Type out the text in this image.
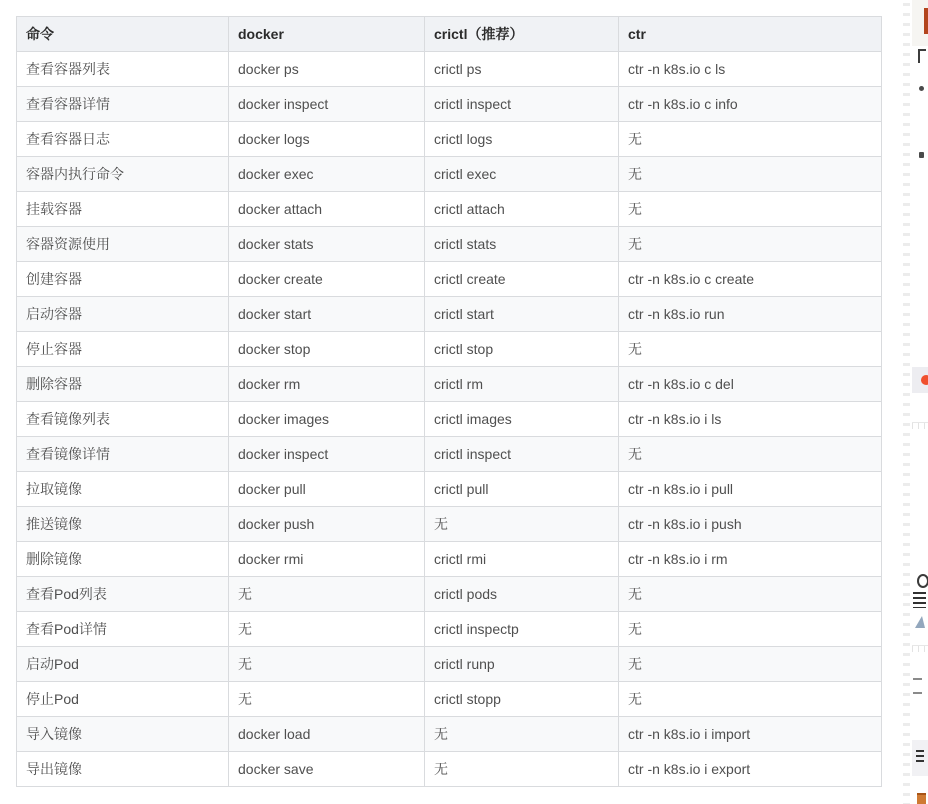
命令	docker	crictl（推荐）	ctr
查看容器列表	docker ps	crictl ps	ctr -n k8s.io c ls
查看容器详情	docker inspect	crictl inspect	ctr -n k8s.io c info
查看容器日志	docker logs	crictl logs	无
容器内执行命令	docker exec	crictl exec	无
挂载容器	docker attach	crictl attach	无
容器资源使用	docker stats	crictl stats	无
创建容器	docker create	crictl create	ctr -n k8s.io c create
启动容器	docker start	crictl start	ctr -n k8s.io run
停止容器	docker stop	crictl stop	无
删除容器	docker rm	crictl rm	ctr -n k8s.io c del
查看镜像列表	docker images	crictl images	ctr -n k8s.io i ls
查看镜像详情	docker inspect	crictl inspect	无
拉取镜像	docker pull	crictl pull	ctr -n k8s.io i pull
推送镜像	docker push	无	ctr -n k8s.io i push
删除镜像	docker rmi	crictl rmi	ctr -n k8s.io i rm
查看Pod列表	无	crictl pods	无
查看Pod详情	无	crictl inspectp	无
启动Pod	无	crictl runp	无
停止Pod	无	crictl stopp	无
导入镜像	docker load	无	ctr -n k8s.io i import
导出镜像	docker save	无	ctr -n k8s.io i export
